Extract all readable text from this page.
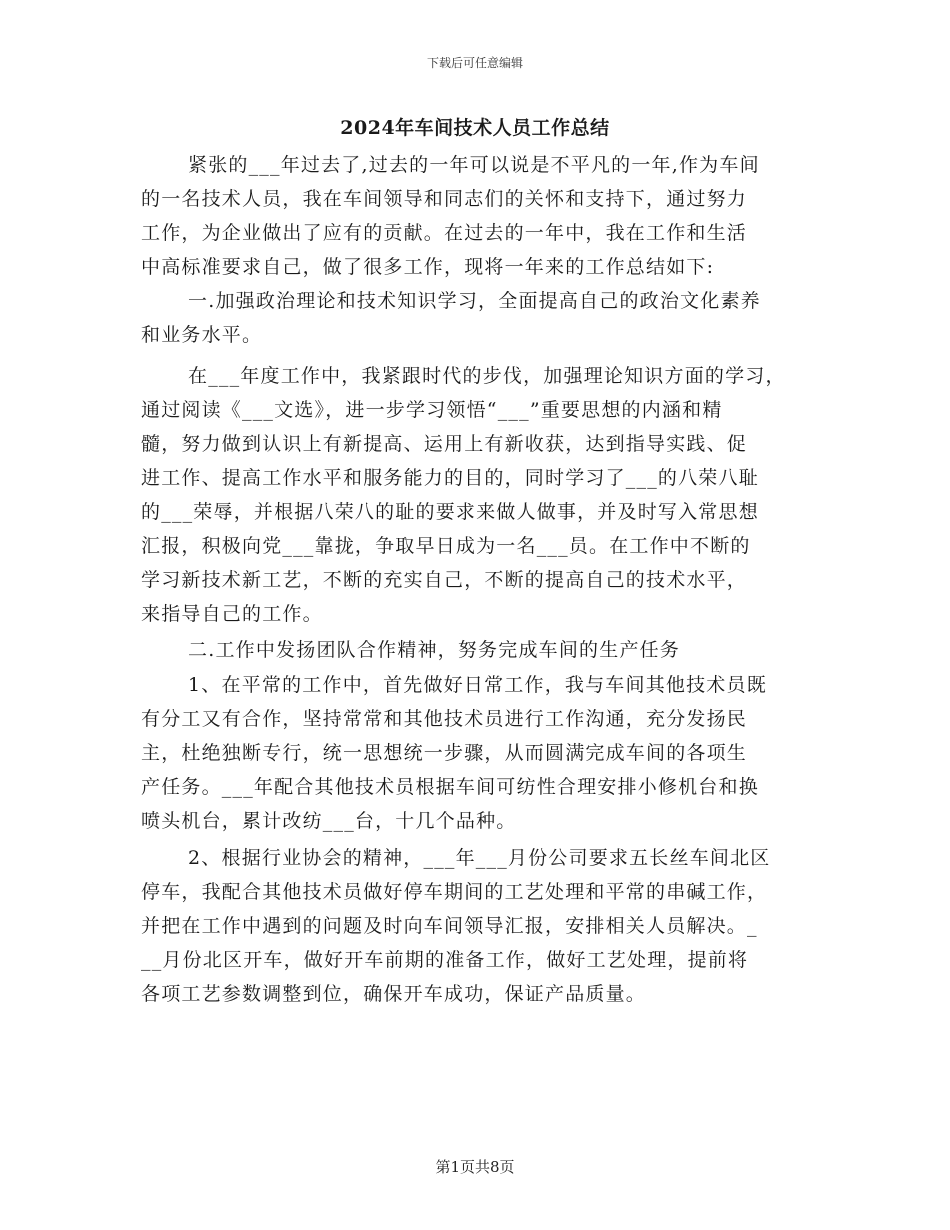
下载后可任意编辑
2024年车间技术人员工作总结
紧张的___年过去了,过去的一年可以说是不平凡的一年,作为车间
的一名技术人员，我在车间领导和同志们的关怀和支持下，通过努力
工作，为企业做出了应有的贡献。在过去的一年中，我在工作和生活
中高标准要求自己，做了很多工作，现将一年来的工作总结如下:
一.加强政治理论和技术知识学习，全面提高自己的政治文化素养
和业务水平。
在___年度工作中，我紧跟时代的步伐，加强理论知识方面的学习，
通过阅读《___文选》，进一步学习领悟“___”重要思想的内涵和精
髓，努力做到认识上有新提高、运用上有新收获，达到指导实践、促
进工作、提高工作水平和服务能力的目的，同时学习了___的八荣八耻
的___荣辱，并根据八荣八的耻的要求来做人做事，并及时写入常思想
汇报，积极向党___靠拢，争取早日成为一名___员。在工作中不断的
学习新技术新工艺，不断的充实自己，不断的提高自己的技术水平，
来指导自己的工作。
二.工作中发扬团队合作精神，努务完成车间的生产任务
1、在平常的工作中，首先做好日常工作，我与车间其他技术员既
有分工又有合作，坚持常常和其他技术员进行工作沟通，充分发扬民
主，杜绝独断专行，统一思想统一步骤，从而圆满完成车间的各项生
产任务。___年配合其他技术员根据车间可纺性合理安排小修机台和换
喷头机台，累计改纺___台，十几个品种。
2、根据行业协会的精神，___年___月份公司要求五长丝车间北区
停车，我配合其他技术员做好停车期间的工艺处理和平常的串碱工作，
并把在工作中遇到的问题及时向车间领导汇报，安排相关人员解决。_
__月份北区开车，做好开车前期的准备工作，做好工艺处理，提前将
各项工艺参数调整到位，确保开车成功，保证产品质量。
第1页共8页
